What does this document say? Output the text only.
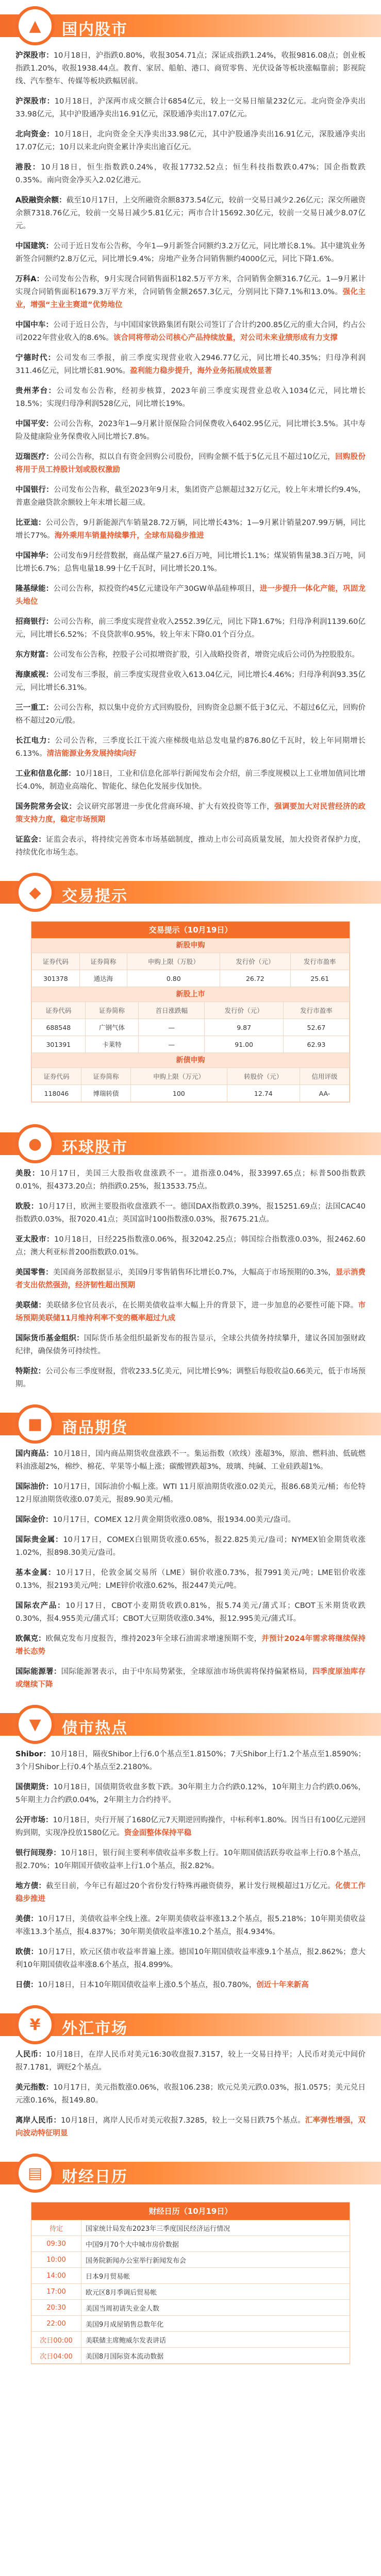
▲ 国内股市

沪深股市：10月18日，沪指跌0.80%，收报3054.71点；深证成指跌1.24%，收报9816.08点；创业板指跌1.20%，收报1938.44点。教育、家居、船舶、港口、商贸零售、光伏设备等板块涨幅靠前；影视院线、汽车整车、传媒等板块跌幅居前。

沪深股市：10月18日，沪深两市成交额合计6854亿元，较上一交易日缩量232亿元。北向资金净卖出33.98亿元，其中沪股通净卖出16.91亿元，深股通净卖出17.07亿元。

北向资金：10月18日，北向资金全天净卖出33.98亿元，其中沪股通净卖出16.91亿元，深股通净卖出17.07亿元；10月以来北向资金累计净卖出逾百亿元。

港股：10月18日，恒生指数跌0.24%，收报17732.52点；恒生科技指数跌0.47%；国企指数跌0.35%。南向资金净买入2.02亿港元。

A股融资余额：截至10月17日，上交所融资余额8373.54亿元，较前一交易日减少2.26亿元；深交所融资余额7318.76亿元，较前一交易日减少5.81亿元；两市合计15692.30亿元，较前一交易日减少8.07亿元。

中国建筑：公司于近日发布公告称，今年1—9月新签合同额约3.2万亿元，同比增长8.1%。其中建筑业务新签合同额约2.8万亿元，同比增长9.4%；房地产业务合同销售额约4000亿元，同比下降1.6%。

万科A：公司发布公告称，9月实现合同销售面积182.5万平方米，合同销售金额316.7亿元。1—9月累计实现合同销售面积1679.3万平方米，合同销售金额2657.3亿元，分别同比下降7.1%和13.0%。强化主业，增强“主业主赛道”优势地位

中国中车：公司于近日公告，与中国国家铁路集团有限公司签订了合计约200.85亿元的重大合同，约占公司2022年营业收入的8.6%。该合同将带动公司核心产品持续放量，对公司未来业绩形成有力支撑

宁德时代：公司发布三季报，前三季度实现营业收入2946.77亿元，同比增长40.35%；归母净利润311.46亿元，同比增长81.90%。盈利能力稳步提升，海外业务拓展成效显著

贵州茅台：公司发布公告称，经初步核算，2023年前三季度实现营业总收入1034亿元，同比增长18.5%；实现归母净利润528亿元，同比增长19%。

中国平安：公司公告称，2023年1—9月累计原保险合同保费收入6402.95亿元，同比增长3.5%。其中寿险及健康险业务保费收入同比增长7.8%。

迈瑞医疗：公司公告称，拟以自有资金回购公司股份，回购金额不低于5亿元且不超过10亿元，回购股份将用于员工持股计划或股权激励

中国银行：公司发布公告称，截至2023年9月末，集团资产总额超过32万亿元，较上年末增长约9.4%，普惠金融贷款余额较上年末增长超三成。

比亚迪：公司公告，9月新能源汽车销量28.72万辆，同比增长43%；1—9月累计销量207.99万辆，同比增长77%。海外乘用车销量持续攀升，全球布局稳步推进

中国神华：公司发布9月经营数据，商品煤产量27.6百万吨，同比增长1.1%；煤炭销售量38.3百万吨，同比增长6.7%；总售电量18.99十亿千瓦时，同比增长20.1%。

隆基绿能：公司公告称，拟投资约45亿元建设年产30GW单晶硅棒项目，进一步提升一体化产能，巩固龙头地位

招商银行：公司公告称，前三季度实现营业收入2552.39亿元，同比下降1.67%；归母净利润1139.60亿元，同比增长6.52%；不良贷款率0.95%，较上年末下降0.01个百分点。

东方财富：公司发布公告称，控股子公司拟增资扩股，引入战略投资者，增资完成后公司仍为控股股东。

海康威视：公司发布三季报，前三季度实现营业收入613.04亿元，同比增长4.46%；归母净利润93.35亿元，同比增长6.31%。

三一重工：公司公告称，拟以集中竞价方式回购股份，回购资金总额不低于3亿元、不超过6亿元，回购价格不超过20元/股。

长江电力：公司公告称，三季度长江干流六座梯级电站总发电量约876.80亿千瓦时，较上年同期增长6.13%。清洁能源业务发展持续向好

工业和信息化部：10月18日，工业和信息化部举行新闻发布会介绍，前三季度规模以上工业增加值同比增长4.0%，制造业高端化、智能化、绿色化发展步伐加快。

国务院常务会议：会议研究部署进一步优化营商环境、扩大有效投资等工作，强调要加大对民营经济的政策支持力度，稳定市场预期

证监会：证监会表示，将持续完善资本市场基础制度，推动上市公司高质量发展，加大投资者保护力度，持续优化市场生态。

◆ 交易提示
交易提示（10月19日）
新股申购
证券代码	证券简称	申购上限（万股）	发行价（元）	发行市盈率
301378	通达海	0.80	26.72	25.61
新股上市
证券代码	证券简称	首日涨跌幅	发行价（元）	发行市盈率
688548	广钢气体	—	9.87	52.67
301391	卡莱特	—	91.00	62.93
新债申购
证券代码	证券简称	申购上限（万元）	转股价（元）	信用评级
118046	博瑞转债	100	12.74	AA-
● 环球股市

美股：10月17日，美国三大股指收盘涨跌不一。道指涨0.04%，报33997.65点；标普500指数跌0.01%，报4373.20点；纳指跌0.25%，报13533.75点。

欧股：10月17日，欧洲主要股指收盘涨跌不一。德国DAX指数跌0.39%，报15251.69点；法国CAC40指数跌0.03%，报7020.41点；英国富时100指数涨0.03%，报7675.21点。

亚太股市：10月18日，日经225指数涨0.06%，报32042.25点；韩国综合指数涨0.03%，报2462.60点；澳大利亚标普200指数跌0.01%。

美国零售：美国商务部数据显示，美国9月零售销售环比增长0.7%，大幅高于市场预期的0.3%，显示消费者支出依然强劲，经济韧性超出预期

美联储：美联储多位官员表示，在长期美债收益率大幅上升的背景下，进一步加息的必要性可能下降。市场预期美联储11月维持利率不变的概率超过九成

国际货币基金组织：国际货币基金组织最新发布的报告显示，全球公共债务持续攀升，建议各国加强财政纪律，确保债务可持续性。

特斯拉：公司公布三季度财报，营收233.5亿美元，同比增长9%；调整后每股收益0.66美元，低于市场预期。

■ 商品期货

国内商品：10月18日，国内商品期货收盘涨跌不一。集运指数（欧线）涨超3%，原油、燃料油、低硫燃料油涨超2%，棉纱、棉花、苹果等小幅上涨；碳酸锂跌超3%，玻璃、纯碱、工业硅跌超1%。

国际油价：10月17日，国际油价小幅上涨。WTI 11月原油期货收涨0.02美元，报86.68美元/桶；布伦特12月原油期货收涨0.07美元，报89.90美元/桶。

国际金价：10月17日，COMEX 12月黄金期货收涨0.08%，报1934.00美元/盎司。

国际贵金属：10月17日，COMEX白银期货收涨0.65%，报22.825美元/盎司；NYMEX铂金期货收涨1.02%，报898.30美元/盎司。

基本金属：10月17日，伦敦金属交易所（LME）铜价收涨0.73%，报7991美元/吨；LME铝价收涨0.13%，报2193美元/吨；LME锌价收涨0.62%，报2447美元/吨。

国际农产品：10月17日，CBOT小麦期货收跌0.81%，报5.74美元/蒲式耳；CBOT玉米期货收跌0.30%，报4.955美元/蒲式耳；CBOT大豆期货收涨0.34%，报12.995美元/蒲式耳。

欧佩克：欧佩克发布月度报告，维持2023年全球石油需求增速预期不变，并预计2024年需求将继续保持增长态势

国际能源署：国际能源署表示，由于中东局势紧张，全球原油市场供需将保持偏紧格局，四季度原油库存或继续下降

▼ 债市热点

Shibor：10月18日，隔夜Shibor上行6.0个基点至1.8150%；7天Shibor上行1.2个基点至1.8590%；3个月Shibor上行0.4个基点至2.2180%。

国债期货：10月18日，国债期货收盘多数下跌。30年期主力合约跌0.12%，10年期主力合约跌0.06%，5年期主力合约跌0.04%，2年期主力合约持平。

公开市场：10月18日，央行开展了1680亿元7天期逆回购操作，中标利率1.80%。因当日有100亿元逆回购到期，实现净投放1580亿元。资金面整体保持平稳

银行间现券：10月18日，银行间主要利率债收益率多数上行。10年期国债活跃券收益率上行0.8个基点，报2.70%；10年期国开债收益率上行1.0个基点，报2.82%。

地方债：截至目前，今年已有超过20个省份发行特殊再融资债券，累计发行规模超过1万亿元。化债工作稳步推进

美债：10月17日，美债收益率全线上涨。2年期美债收益率涨13.2个基点，报5.218%；10年期美债收益率涨13.3个基点，报4.837%；30年期美债收益率涨10.2个基点，报4.934%。

欧债：10月17日，欧元区债市收益率普遍上涨。德国10年期国债收益率涨9.1个基点，报2.862%；意大利10年期国债收益率涨8.6个基点，报4.899%。

日债：10月18日，日本10年期国债收益率上涨0.5个基点，报0.780%，创近十年来新高

¥ 外汇市场

人民币：10月18日，在岸人民币对美元16:30收盘报7.3157，较上一交易日持平；人民币对美元中间价报7.1781，调贬2个基点。

美元指数：10月17日，美元指数涨0.06%，收报106.238；欧元兑美元跌0.03%，报1.0575；美元兑日元涨0.16%，报149.80。

离岸人民币：10月18日，离岸人民币对美元收报7.3285，较上一交易日跌75个基点。汇率弹性增强，双向波动特征明显

▤ 财经日历
财经日历（10月19日）
待定	国家统计局发布2023年三季度国民经济运行情况
09:30	中国9月70个大中城市房价数据
10:00	国务院新闻办公室举行新闻发布会
14:00	日本9月贸易帐
17:00	欧元区8月季调后贸易帐
20:30	美国当周初请失业金人数
22:00	美国9月成屋销售总数年化
次日00:00	美联储主席鲍威尔发表讲话
次日04:00	美国8月国际资本流动数据
